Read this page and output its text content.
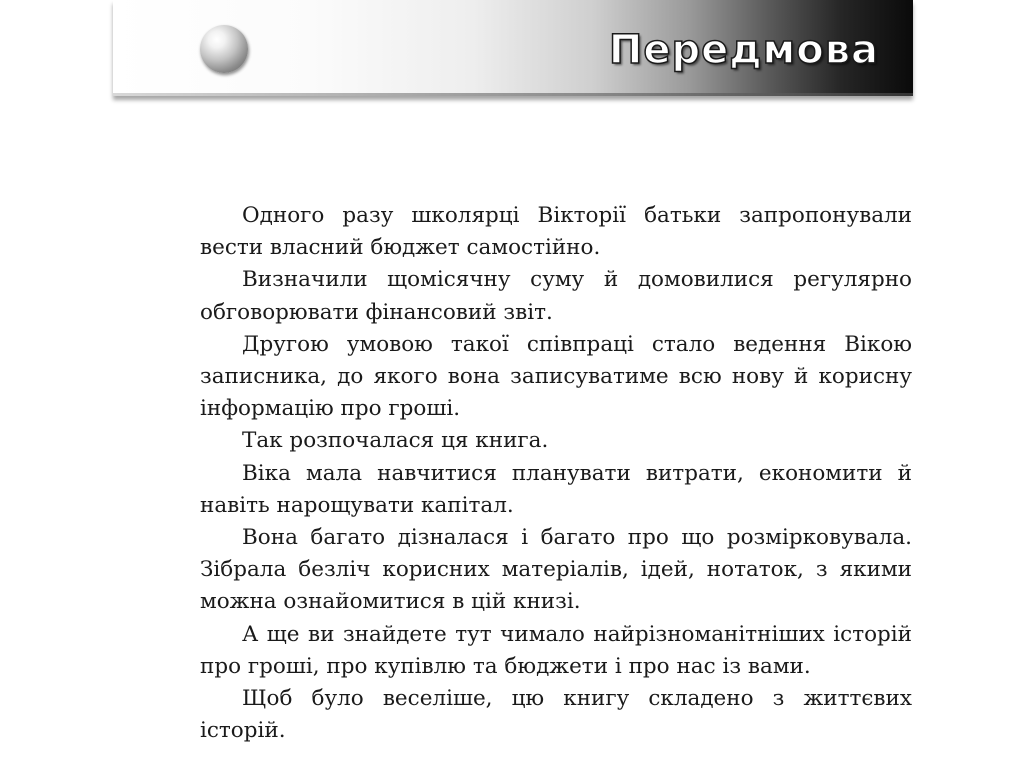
Передмова

Одного разу школярці Вікторії батьки запропонували вести власний бюджет самостійно.

Визначили щомісячну суму й домовилися регулярно обговорювати фінансовий звіт.

Другою умовою такої співпраці стало ведення Вікою записника, до якого вона записуватиме всю нову й корисну інформацію про гроші.

Так розпочалася ця книга.

Віка мала навчитися планувати витрати, економити й навіть нарощувати капітал.

Вона багато дізналася і багато про що розмірковувала. Зібрала безліч корисних матеріалів, ідей, нотаток, з якими можна ознайомитися в цій книзі.

А ще ви знайдете тут чимало найрізноманітніших історій про гроші, про купівлю та бюджети і про нас із вами.

Щоб було веселіше, цю книгу складено з життєвих історій.
